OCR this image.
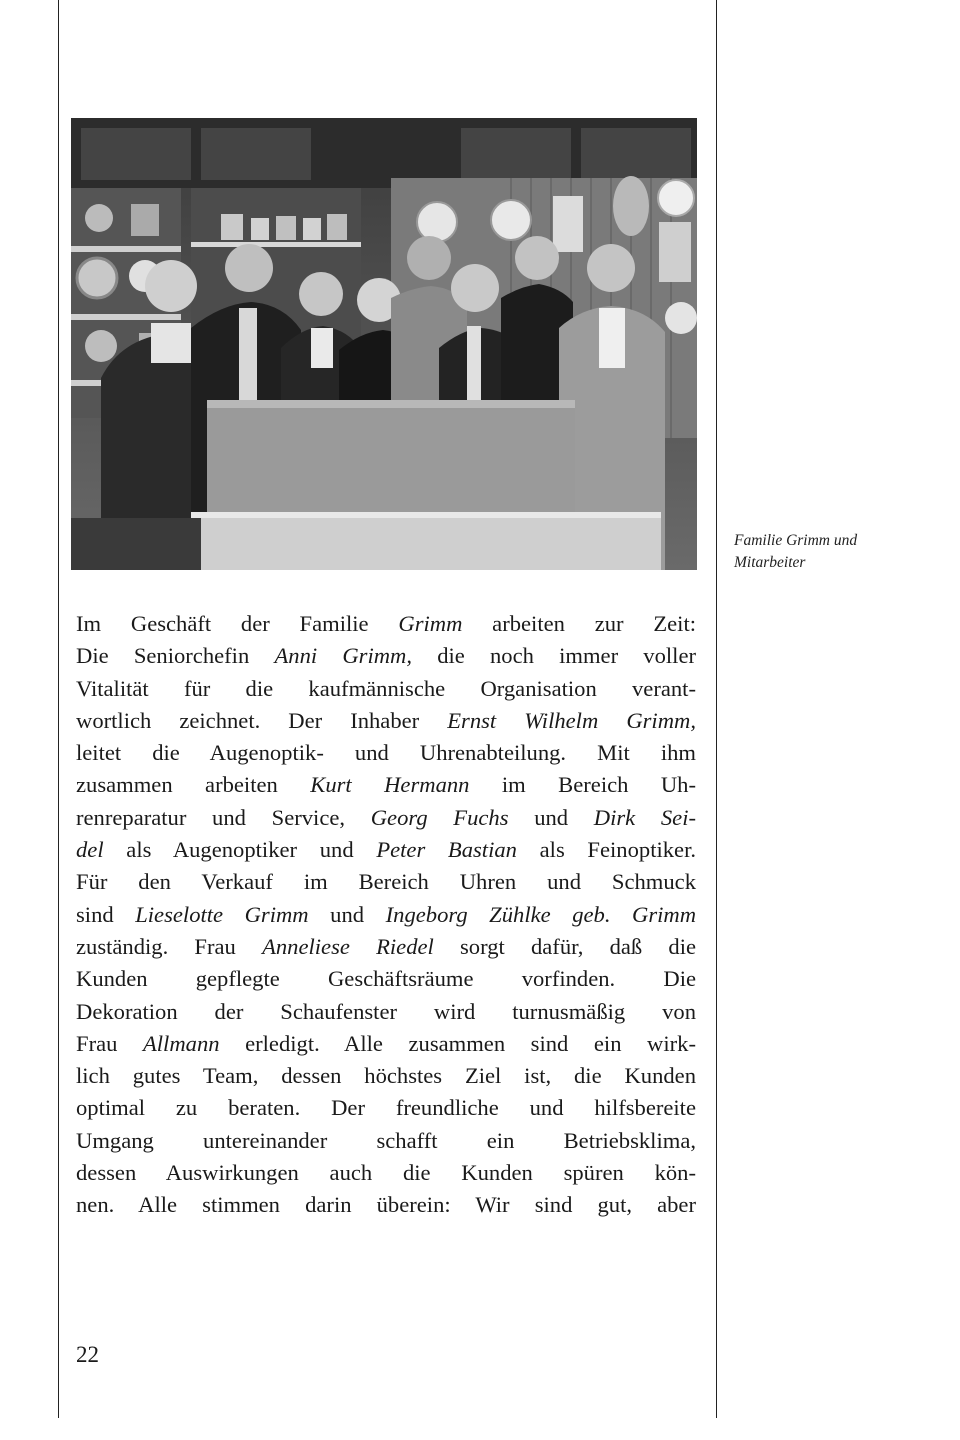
Familie Grimm und
Mitarbeiter
Im Geschäft der Familie Grimm arbeiten zur Zeit:
Die Seniorchefin Anni Grimm, die noch immer voller
Vitalität für die kaufmännische Organisation verant-
wortlich zeichnet. Der Inhaber Ernst Wilhelm Grimm,
leitet die Augenoptik- und Uhrenabteilung. Mit ihm
zusammen arbeiten Kurt Hermann im Bereich Uh-
renreparatur und Service, Georg Fuchs und Dirk Sei-
del als Augenoptiker und Peter Bastian als Feinoptiker.
Für den Verkauf im Bereich Uhren und Schmuck
sind Lieselotte Grimm und Ingeborg Zühlke geb. Grimm
zuständig. Frau Anneliese Riedel sorgt dafür, daß die
Kunden gepflegte Geschäftsräume vorfinden. Die
Dekoration der Schaufenster wird turnusmäßig von
Frau Allmann erledigt. Alle zusammen sind ein wirk-
lich gutes Team, dessen höchstes Ziel ist, die Kunden
optimal zu beraten. Der freundliche und hilfsbereite
Umgang untereinander schafft ein Betriebsklima,
dessen Auswirkungen auch die Kunden spüren kön-
nen. Alle stimmen darin überein: Wir sind gut, aber
22
